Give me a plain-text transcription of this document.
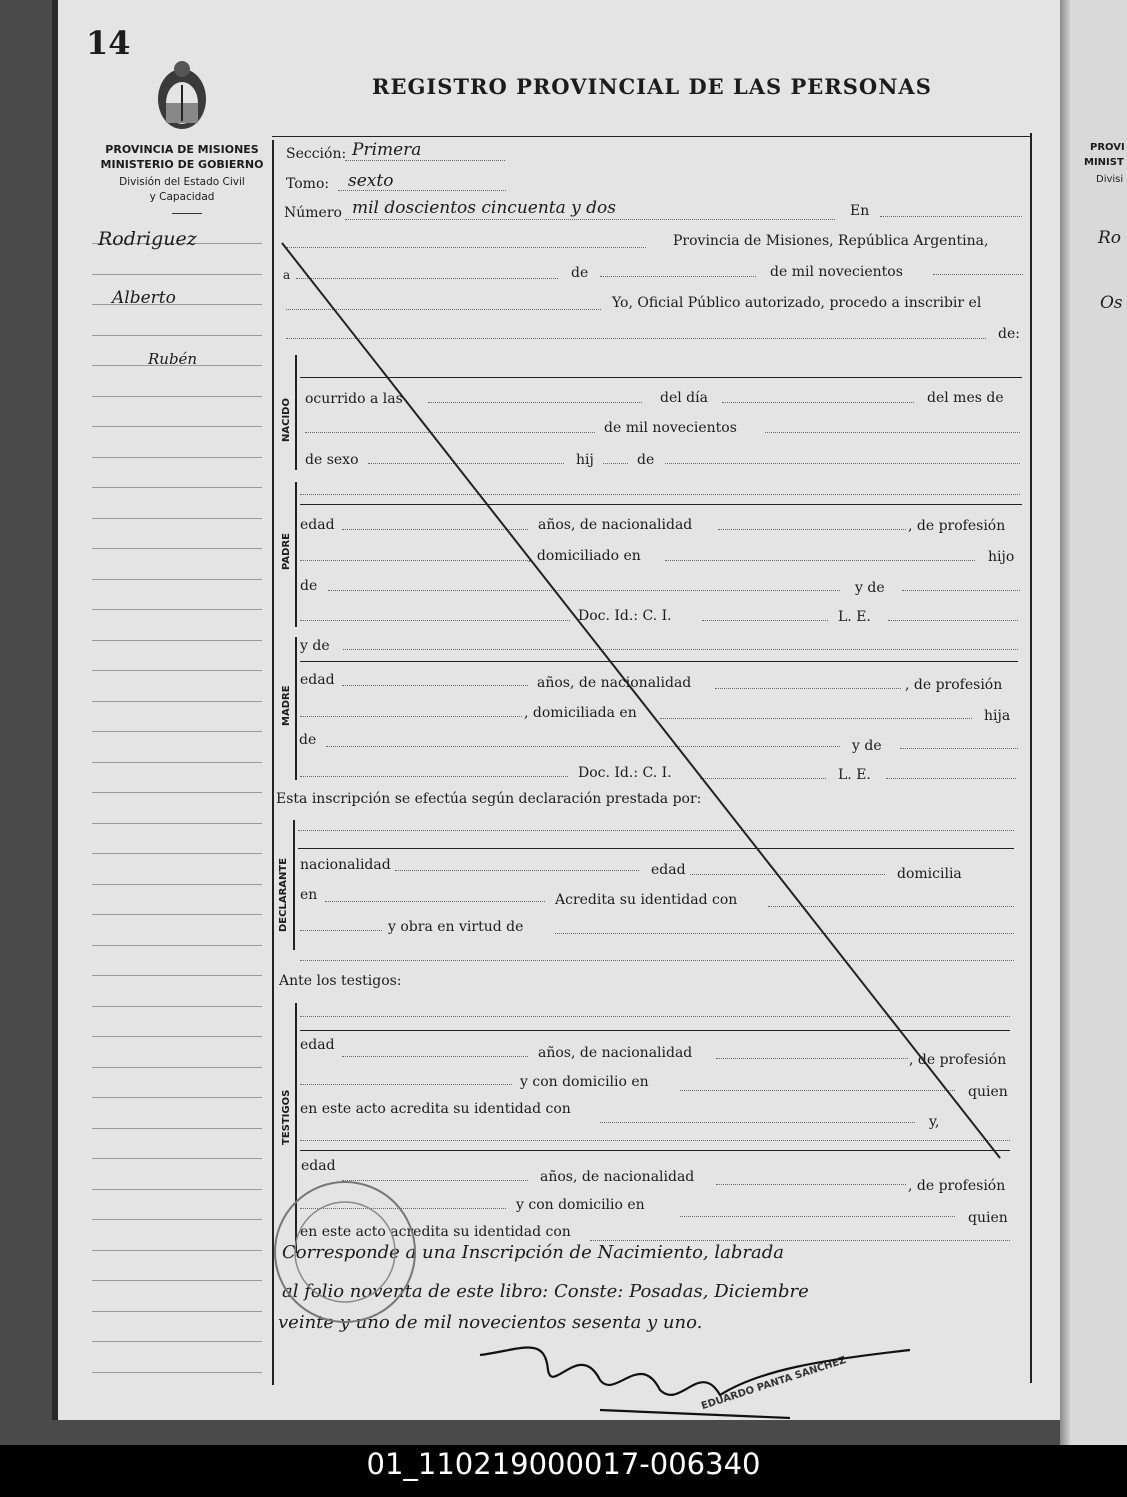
PROVI
MINIST
Divisi
Ro
Os
14
REGISTRO PROVINCIAL DE LAS PERSONAS
PROVINCIA DE MISIONES
MINISTERIO DE GOBIERNO
División del Estado Civil
y Capacidad
Rodriguez
Alberto
Rubén
Sección: Primera
Tomo: sexto
Número mil doscientos cincuenta y dos	En
Provincia de Misiones, República Argentina,
a	de	de mil novecientos
Yo, Oficial Público autorizado, procedo a inscribir el
de:
NACIDO ocurrido a las	del día	del mes de
de mil novecientos
de sexo	hij	de
PADRE
edad	años, de nacionalidad	, de profesión
, domiciliado en	hijo
de	y de
Doc. Id.: C. I.	L. E.
MADRE
y de
edad	años, de nacionalidad	, de profesión
, domiciliada en	hija
de	y de
Doc. Id.: C. I.	L. E.
Esta inscripción se efectúa según declaración prestada por:
DECLARANTE nacionalidad	edad	domicilia
en	Acredita su identidad con
y obra en virtud de
Ante los testigos:
TESTIGOS
edad	años, de nacionalidad	, de profesión
y con domicilio en
quien
en este acto acredita su identidad con
y,
edad
años, de nacionalidad
, de profesión
y con domicilio en
quien
en este acto acredita su identidad con
Corresponde a una Inscripción de Nacimiento, labrada
al folio noventa de este libro: Conste: Posadas, Diciembre
veinte y uno de mil novecientos sesenta y uno.
EDUARDO PANTA SANCHEZ
01_110219000017-006340
